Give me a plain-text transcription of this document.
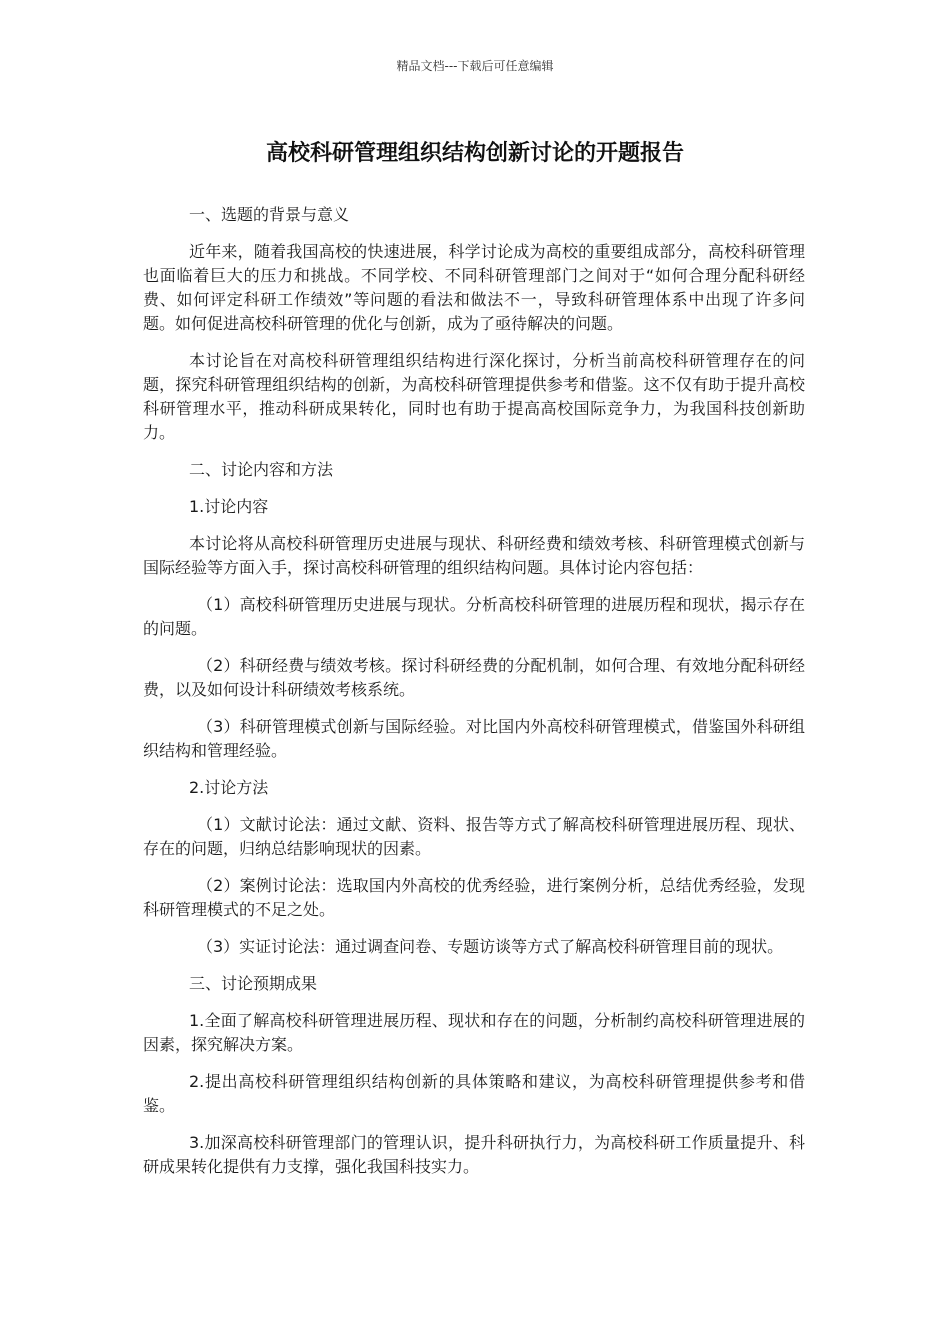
精品文档---下载后可任意编辑
高校科研管理组织结构创新讨论的开题报告

一、选题的背景与意义

近年来，随着我国高校的快速进展，科学讨论成为高校的重要组成部分，高校科研管理也面临着巨大的压力和挑战。不同学校、不同科研管理部门之间对于“如何合理分配科研经费、如何评定科研工作绩效”等问题的看法和做法不一，导致科研管理体系中出现了许多问题。如何促进高校科研管理的优化与创新，成为了亟待解决的问题。

本讨论旨在对高校科研管理组织结构进行深化探讨，分析当前高校科研管理存在的问题，探究科研管理组织结构的创新，为高校科研管理提供参考和借鉴。这不仅有助于提升高校科研管理水平，推动科研成果转化，同时也有助于提高高校国际竞争力，为我国科技创新助力。

二、讨论内容和方法

1.讨论内容

本讨论将从高校科研管理历史进展与现状、科研经费和绩效考核、科研管理模式创新与国际经验等方面入手，探讨高校科研管理的组织结构问题。具体讨论内容包括：

（1）高校科研管理历史进展与现状。分析高校科研管理的进展历程和现状，揭示存在的问题。

（2）科研经费与绩效考核。探讨科研经费的分配机制，如何合理、有效地分配科研经费，以及如何设计科研绩效考核系统。

（3）科研管理模式创新与国际经验。对比国内外高校科研管理模式，借鉴国外科研组织结构和管理经验。

2.讨论方法

（1）文献讨论法：通过文献、资料、报告等方式了解高校科研管理进展历程、现状、存在的问题，归纳总结影响现状的因素。

（2）案例讨论法：选取国内外高校的优秀经验，进行案例分析，总结优秀经验，发现科研管理模式的不足之处。

（3）实证讨论法：通过调查问卷、专题访谈等方式了解高校科研管理目前的现状。

三、讨论预期成果

1.全面了解高校科研管理进展历程、现状和存在的问题，分析制约高校科研管理进展的因素，探究解决方案。

2.提出高校科研管理组织结构创新的具体策略和建议，为高校科研管理提供参考和借鉴。

3.加深高校科研管理部门的管理认识，提升科研执行力，为高校科研工作质量提升、科研成果转化提供有力支撑，强化我国科技实力。
